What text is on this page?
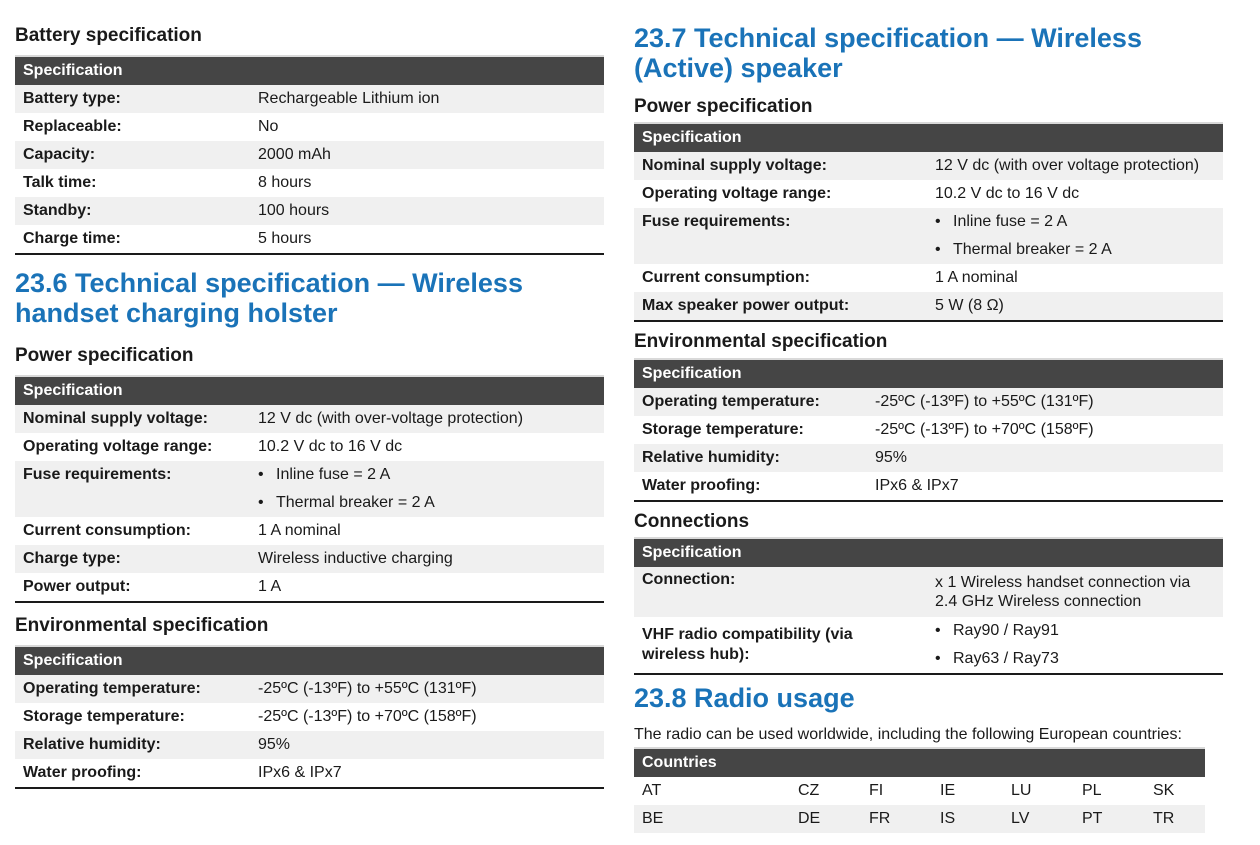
Battery specification

Specification	
Battery type:	Rechargeable Lithium ion
Replaceable:	No
Capacity:	2000 mAh
Talk time:	8 hours
Standby:	100 hours
Charge time:	5 hours
23.6 Technical specification — Wireless handset charging holster

Power specification

Specification	
Nominal supply voltage:	12 V dc (with over-voltage protection)
Operating voltage range:	10.2 V dc to 16 V dc

Fuse requirements:	• Inline fuse = 2 A
• Thermal breaker = 2 A

Current consumption:	1 A nominal
Charge type:	Wireless inductive charging
Power output:	1 A

Environmental specification

Specification	
Operating temperature:	-25ºC (-13ºF) to +55ºC (131ºF)
Storage temperature:	-25ºC (-13ºF) to +70ºC (158ºF)
Relative humidity:	95%
Water proofing:	IPx6 & IPx7
23.7 Technical specification — Wireless (Active) speaker

Power specification

Specification	
Nominal supply voltage:	12 V dc (with over voltage protection)
Operating voltage range:	10.2 V dc to 16 V dc

Fuse requirements:	• Inline fuse = 2 A
• Thermal breaker = 2 A

Current consumption:	1 A nominal
Max speaker power output:	5 W (8 Ω)

Environmental specification

Specification	
Operating temperature:	-25ºC (-13ºF) to +55ºC (131ºF)
Storage temperature:	-25ºC (-13ºF) to +70ºC (158ºF)
Relative humidity:	95%
Water proofing:	IPx6 & IPx7

Connections

Specification	
Connection:	x 1 Wireless handset connection via 2.4 GHz Wireless connection
VHF radio compatibility (via wireless hub):	• Ray90 / Ray91
• Ray63 / Ray73
23.8 Radio usage

The radio can be used worldwide, including the following European countries:

Countries						
AT	CZ	FI	IE	LU	PL	SK
BE	DE	FR	IS	LV	PT	TR
